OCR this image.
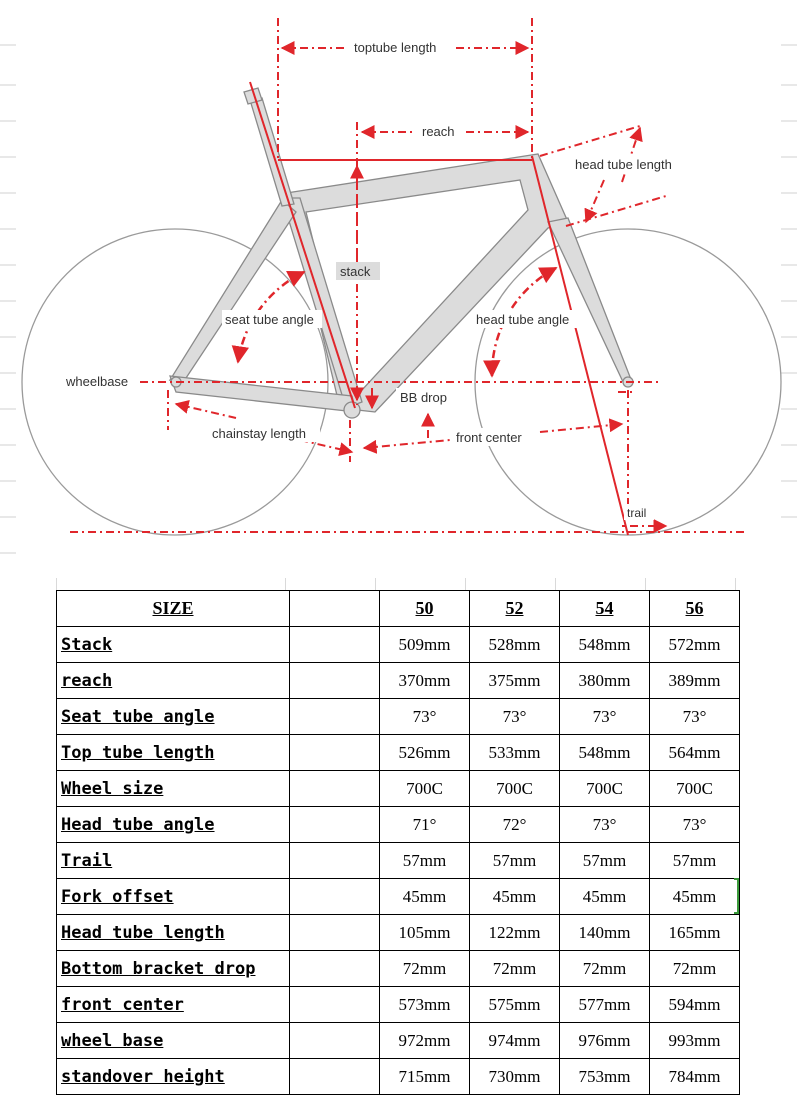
toptube length
reach
head tube length
stack
seat tube angle	head tube angle
wheelbase
BB drop
chainstay length	front center
trail
SIZE		50	52	54	56
Stack		509mm	528mm	548mm	572mm
reach		370mm	375mm	380mm	389mm
Seat tube angle		73°	73°	73°	73°
Top tube length		526mm	533mm	548mm	564mm
Wheel size		700C	700C	700C	700C
Head tube angle		71°	72°	73°	73°
Trail		57mm	57mm	57mm	57mm
Fork offset		45mm	45mm	45mm	45mm
Head tube length		105mm	122mm	140mm	165mm
Bottom bracket drop		72mm	72mm	72mm	72mm
front center		573mm	575mm	577mm	594mm
wheel base		972mm	974mm	976mm	993mm
standover height		715mm	730mm	753mm	784mm
